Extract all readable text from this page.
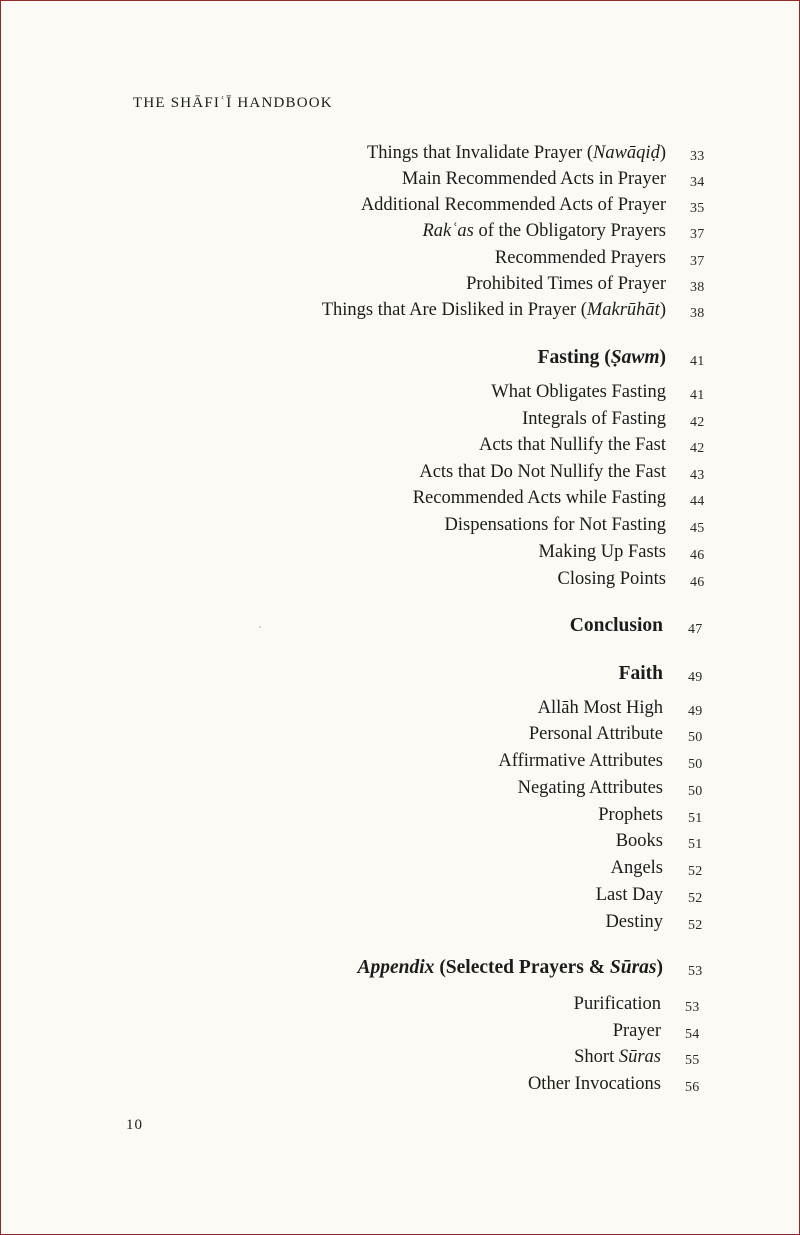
THE SHĀFIʿĪ HANDBOOK
Things that Invalidate Prayer (Nawāqiḍ) 33
Main Recommended Acts in Prayer 34
Additional Recommended Acts of Prayer 35
Rakʿas of the Obligatory Prayers 37
Recommended Prayers 37
Prohibited Times of Prayer 38
Things that Are Disliked in Prayer (Makrūhāt) 38
Fasting (Ṣawm) 41
What Obligates Fasting 41
Integrals of Fasting 42
Acts that Nullify the Fast 42
Acts that Do Not Nullify the Fast 43
Recommended Acts while Fasting 44
Dispensations for Not Fasting 45
Making Up Fasts 46
Closing Points 46
Conclusion 47
Faith 49
Allāh Most High 49
Personal Attribute 50
Affirmative Attributes 50
Negating Attributes 50
Prophets 51
Books 51
Angels 52
Last Day 52
Destiny 52
Appendix (Selected Prayers & Sūras) 53
Purification 53
Prayer 54
Short Sūras 55
Other Invocations 56
10
